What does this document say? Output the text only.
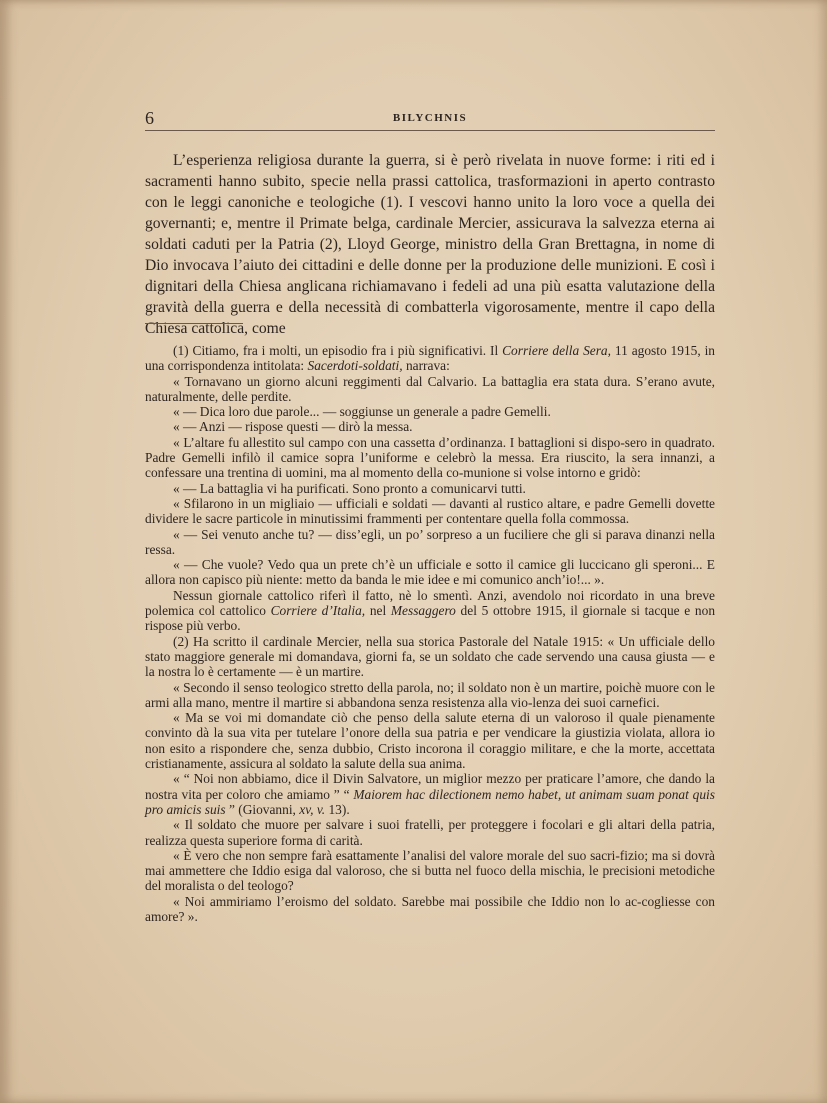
6	BILYCHNIS

L’esperienza religiosa durante la guerra, si è però rivelata in nuove forme: i riti ed i sacramenti hanno subito, specie nella prassi cattolica, trasformazioni in aperto contrasto con le leggi canoniche e teologiche (1). I vescovi hanno unito la loro voce a quella dei governanti; e, mentre il Primate belga, cardinale Mercier, assicurava la salvezza eterna ai soldati caduti per la Patria (2), Lloyd George, ministro della Gran Brettagna, in nome di Dio invocava l’aiuto dei cittadini e delle donne per la produzione delle munizioni. E così i dignitari della Chiesa anglicana richiamavano i fedeli ad una più esatta valutazione della gravità della guerra e della necessità di combatterla vigorosamente, mentre il capo della Chiesa cattolica, come

(1) Citiamo, fra i molti, un episodio fra i più significativi. Il Corriere della Sera, 11 agosto 1915, in una corrispondenza intitolata: Sacerdoti-soldati, narrava:

« Tornavano un giorno alcuni reggimenti dal Calvario. La battaglia era stata dura. S’erano avute, naturalmente, delle perdite.

« — Dica loro due parole... — soggiunse un generale a padre Gemelli.

« — Anzi — rispose questi — dirò la messa.

« L’altare fu allestito sul campo con una cassetta d’ordinanza. I battaglioni si dispo-sero in quadrato. Padre Gemelli infilò il camice sopra l’uniforme e celebrò la messa. Era riuscito, la sera innanzi, a confessare una trentina di uomini, ma al momento della co-munione si volse intorno e gridò:

« — La battaglia vi ha purificati. Sono pronto a comunicarvi tutti.

« Sfilarono in un migliaio — ufficiali e soldati — davanti al rustico altare, e padre Gemelli dovette dividere le sacre particole in minutissimi frammenti per contentare quella folla commossa.

« — Sei venuto anche tu? — diss’egli, un po’ sorpreso a un fuciliere che gli si parava dinanzi nella ressa.

« — Che vuole? Vedo qua un prete ch’è un ufficiale e sotto il camice gli luccicano gli speroni... E allora non capisco più niente: metto da banda le mie idee e mi comunico anch’io!... ».

Nessun giornale cattolico riferì il fatto, nè lo smentì. Anzi, avendolo noi ricordato in una breve polemica col cattolico Corriere d’Italia, nel Messaggero del 5 ottobre 1915, il giornale si tacque e non rispose più verbo.

(2) Ha scritto il cardinale Mercier, nella sua storica Pastorale del Natale 1915: « Un ufficiale dello stato maggiore generale mi domandava, giorni fa, se un soldato che cade servendo una causa giusta — e la nostra lo è certamente — è un martire.

« Secondo il senso teologico stretto della parola, no; il soldato non è un martire, poichè muore con le armi alla mano, mentre il martire si abbandona senza resistenza alla vio-lenza dei suoi carnefici.

« Ma se voi mi domandate ciò che penso della salute eterna di un valoroso il quale pienamente convinto dà la sua vita per tutelare l’onore della sua patria e per vendicare la giustizia violata, allora io non esito a rispondere che, senza dubbio, Cristo incorona il coraggio militare, e che la morte, accettata cristianamente, assicura al soldato la salute della sua anima.

« “ Noi non abbiamo, dice il Divin Salvatore, un miglior mezzo per praticare l’amore, che dando la nostra vita per coloro che amiamo ” “ Maiorem hac dilectionem nemo habet, ut animam suam ponat quis pro amicis suis ” (Giovanni, xv, v. 13).

« Il soldato che muore per salvare i suoi fratelli, per proteggere i focolari e gli altari della patria, realizza questa superiore forma di carità.

« È vero che non sempre farà esattamente l’analisi del valore morale del suo sacri-fizio; ma si dovrà mai ammettere che Iddio esiga dal valoroso, che si butta nel fuoco della mischia, le precisioni metodiche del moralista o del teologo?

« Noi ammiriamo l’eroismo del soldato. Sarebbe mai possibile che Iddio non lo ac-cogliesse con amore? ».
